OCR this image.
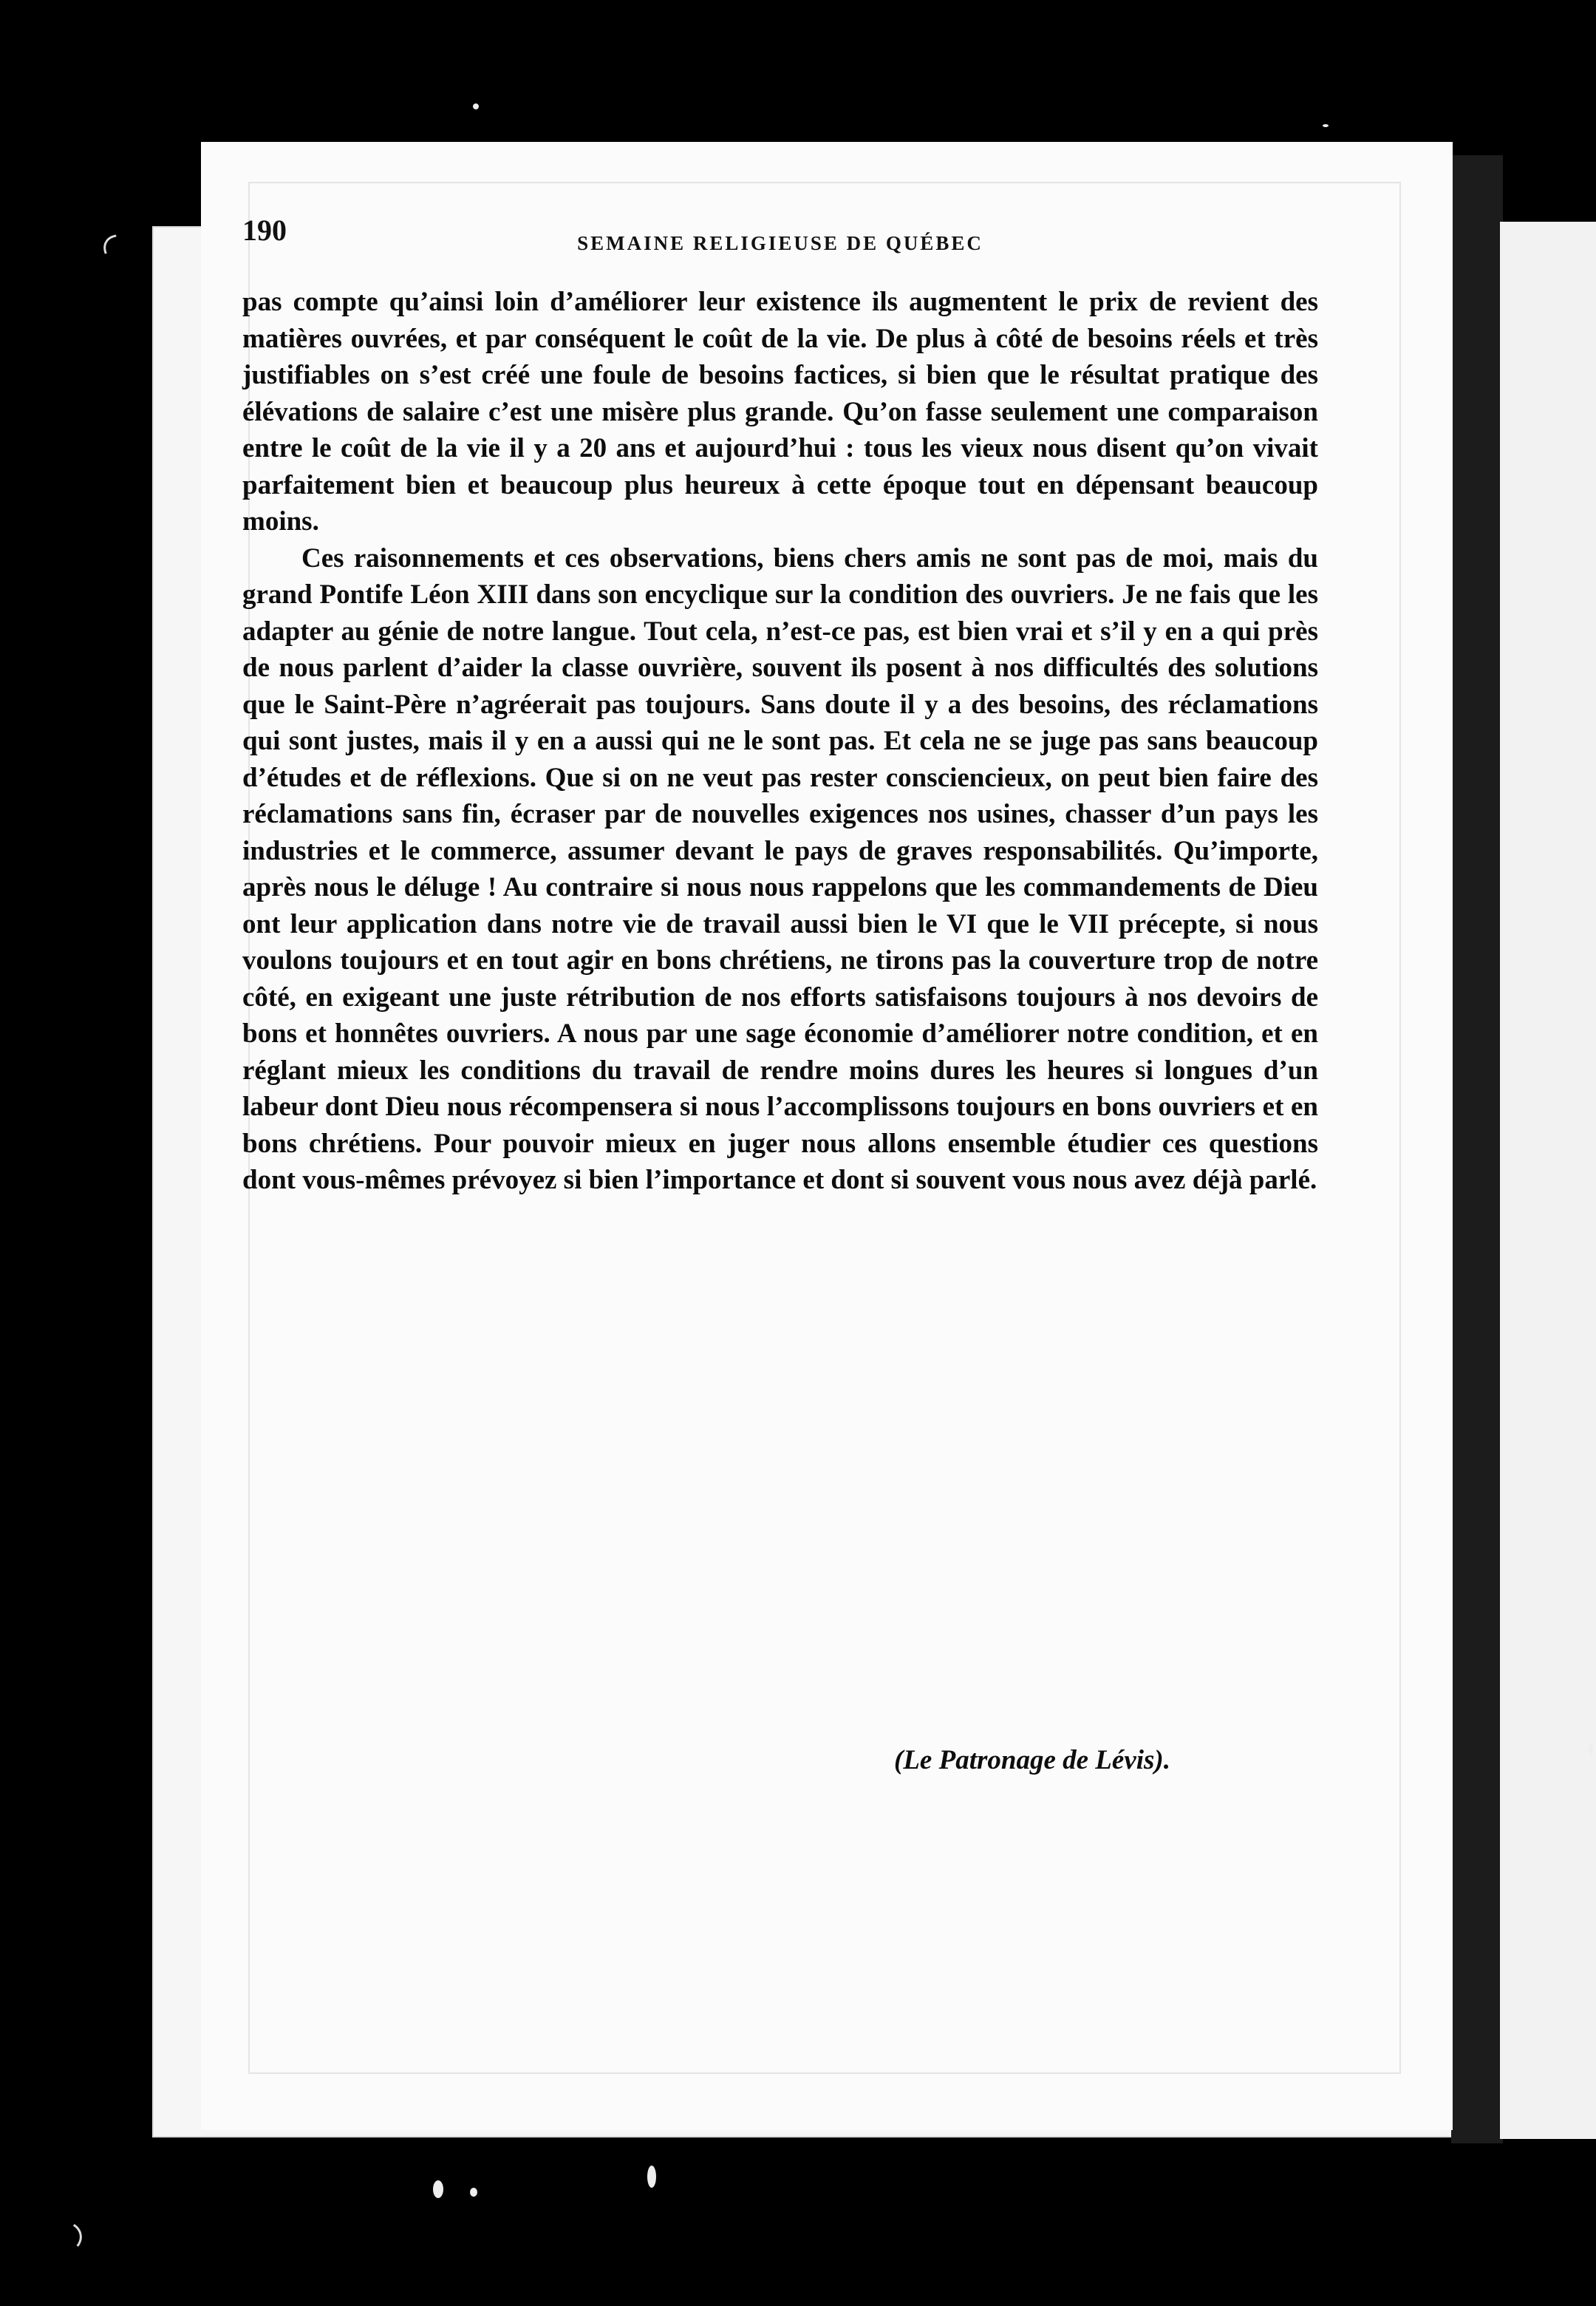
190	SEMAINE RELIGIEUSE DE QUÉBEC

pas compte qu’ainsi loin d’améliorer leur existence ils augmentent le prix de revient des matières ouvrées, et par conséquent le coût de la vie. De plus à côté de besoins réels et très justifiables on s’est créé une foule de besoins factices, si bien que le résultat pratique des élévations de salaire c’est une misère plus grande. Qu’on fasse seulement une comparaison entre le coût de la vie il y a 20 ans et aujourd’hui : tous les vieux nous disent qu’on vivait parfaitement bien et beaucoup plus heureux à cette époque tout en dépensant beaucoup moins.

Ces raisonnements et ces observations, biens chers amis ne sont pas de moi, mais du grand Pontife Léon XIII dans son encyclique sur la condition des ouvriers. Je ne fais que les adapter au génie de notre langue. Tout cela, n’est-ce pas, est bien vrai et s’il y en a qui près de nous parlent d’aider la classe ouvrière, souvent ils posent à nos difficultés des solutions que le Saint-Père n’agréerait pas toujours. Sans doute il y a des besoins, des réclamations qui sont justes, mais il y en a aussi qui ne le sont pas. Et cela ne se juge pas sans beaucoup d’études et de réflexions. Que si on ne veut pas rester consciencieux, on peut bien faire des réclamations sans fin, écraser par de nouvelles exigences nos usines, chasser d’un pays les industries et le commerce, assumer devant le pays de graves responsabilités. Qu’importe, après nous le déluge ! Au contraire si nous nous rappelons que les commandements de Dieu ont leur application dans notre vie de travail aussi bien le VI que le VII précepte, si nous voulons toujours et en tout agir en bons chrétiens, ne tirons pas la couverture trop de notre côté, en exigeant une juste rétribution de nos efforts satisfaisons toujours à nos devoirs de bons et honnêtes ouvriers. A nous par une sage économie d’améliorer notre condition, et en réglant mieux les conditions du travail de rendre moins dures les heures si longues d’un labeur dont Dieu nous récompensera si nous l’accomplissons toujours en bons ouvriers et en bons chrétiens. Pour pouvoir mieux en juger nous allons ensemble étudier ces questions dont vous-mêmes prévoyez si bien l’importance et dont si souvent vous nous avez déjà parlé.

(Le Patronage de Lévis).
